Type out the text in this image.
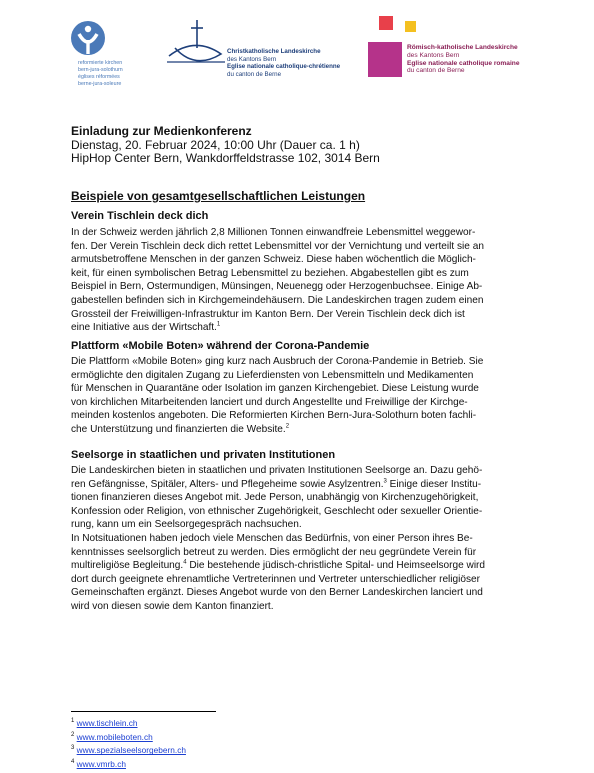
reformierte kirchen
bern-jura-solothurn
églises réformées
berne-jura-soleure
Christkatholische Landeskirche
des Kantons Bern
Eglise nationale catholique-chrétienne
du canton de Berne
Römisch-katholische Landeskirche
des Kantons Bern
Eglise nationale catholique romaine
du canton de Berne
Einladung zur Medienkonferenz
Dienstag, 20. Februar 2024, 10:00 Uhr (Dauer ca. 1 h)
HipHop Center Bern, Wankdorffeldstrasse 102, 3014 Bern
Beispiele von gesamtgesellschaftlichen Leistungen
Verein Tischlein deck dich
In der Schweiz werden jährlich 2,8 Millionen Tonnen einwandfreie Lebensmittel weggewor-
fen. Der Verein Tischlein deck dich rettet Lebensmittel vor der Vernichtung und verteilt sie an
armutsbetroffene Menschen in der ganzen Schweiz. Diese haben wöchentlich die Möglich-
keit, für einen symbolischen Betrag Lebensmittel zu beziehen. Abgabestellen gibt es zum
Beispiel in Bern, Ostermundigen, Münsingen, Neuenegg oder Herzogenbuchsee. Einige Ab-
gabestellen befinden sich in Kirchgemeindehäusern. Die Landeskirchen tragen zudem einen
Grossteil der Freiwilligen-Infrastruktur im Kanton Bern. Der Verein Tischlein deck dich ist
eine Initiative aus der Wirtschaft.$^1$
Plattform «Mobile Boten» während der Corona-Pandemie
Die Plattform «Mobile Boten» ging kurz nach Ausbruch der Corona-Pandemie in Betrieb. Sie
ermöglichte den digitalen Zugang zu Lieferdiensten von Lebensmitteln und Medikamenten
für Menschen in Quarantäne oder Isolation im ganzen Kirchengebiet. Diese Leistung wurde
von kirchlichen Mitarbeitenden lanciert und durch Angestellte und Freiwillige der Kirchge-
meinden kostenlos angeboten. Die Reformierten Kirchen Bern-Jura-Solothurn boten fachli-
che Unterstützung und finanzierten die Website.$^2$
Seelsorge in staatlichen und privaten Institutionen
Die Landeskirchen bieten in staatlichen und privaten Institutionen Seelsorge an. Dazu gehö-
ren Gefängnisse, Spitäler, Alters- und Pflegeheime sowie Asylzentren.$^3$ Einige dieser Institu-
tionen finanzieren dieses Angebot mit. Jede Person, unabhängig von Kirchenzugehörigkeit,
Konfession oder Religion, von ethnischer Zugehörigkeit, Geschlecht oder sexueller Orientie-
rung, kann um ein Seelsorgegespräch nachsuchen.
In Notsituationen haben jedoch viele Menschen das Bedürfnis, von einer Person ihres Be-
kenntnisses seelsorglich betreut zu werden. Dies ermöglicht der neu gegründete Verein für
multireligiöse Begleitung.$^4$ Die bestehende jüdisch-christliche Spital- und Heimseelsorge wird
dort durch geeignete ehrenamtliche Vertreterinnen und Vertreter unterschiedlicher religiöser
Gemeinschaften ergänzt. Dieses Angebot wurde von den Berner Landeskirchen lanciert und
wird von diesen sowie dem Kanton finanziert.
$^1$ www.tischlein.ch
$^2$ www.mobileboten.ch
$^3$ www.spezialseelsorgebern.ch
$^4$ www.vmrb.ch
